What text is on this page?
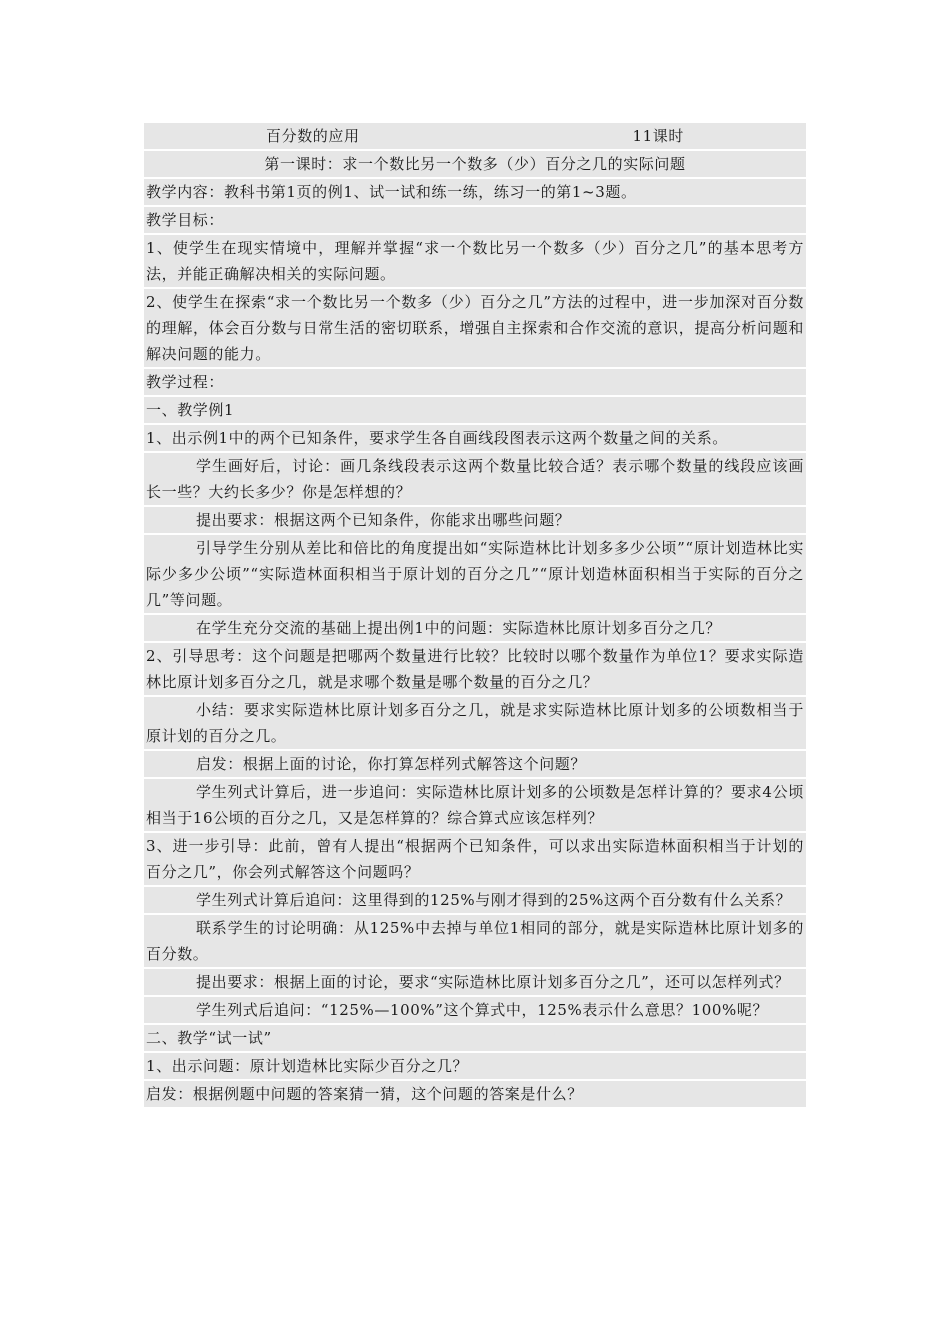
百分数的应用	11课时
第一课时：求一个数比另一个数多（少）百分之几的实际问题
教学内容：教科书第1页的例1、试一试和练一练，练习一的第1~3题。
教学目标：
1、使学生在现实情境中，理解并掌握“求一个数比另一个数多（少）百分之几”的基本思考方法，并能正确解决相关的实际问题。
2、使学生在探索“求一个数比另一个数多（少）百分之几”方法的过程中，进一步加深对百分数的理解，体会百分数与日常生活的密切联系，增强自主探索和合作交流的意识，提高分析问题和解决问题的能力。
教学过程：
一、教学例1
1、出示例1中的两个已知条件，要求学生各自画线段图表示这两个数量之间的关系。
学生画好后，讨论：画几条线段表示这两个数量比较合适？表示哪个数量的线段应该画长一些？大约长多少？你是怎样想的？
提出要求：根据这两个已知条件，你能求出哪些问题？
引导学生分别从差比和倍比的角度提出如“实际造林比计划多多少公顷”“原计划造林比实际少多少公顷”“实际造林面积相当于原计划的百分之几”“原计划造林面积相当于实际的百分之几”等问题。
在学生充分交流的基础上提出例1中的问题：实际造林比原计划多百分之几？
2、引导思考：这个问题是把哪两个数量进行比较？比较时以哪个数量作为单位1？要求实际造林比原计划多百分之几，就是求哪个数量是哪个数量的百分之几？
小结：要求实际造林比原计划多百分之几，就是求实际造林比原计划多的公顷数相当于原计划的百分之几。
启发：根据上面的讨论，你打算怎样列式解答这个问题？
学生列式计算后，进一步追问：实际造林比原计划多的公顷数是怎样计算的？要求4公顷相当于16公顷的百分之几，又是怎样算的？综合算式应该怎样列？
3、进一步引导：此前，曾有人提出“根据两个已知条件，可以求出实际造林面积相当于计划的百分之几”，你会列式解答这个问题吗？
学生列式计算后追问：这里得到的125%与刚才得到的25%这两个百分数有什么关系？
联系学生的讨论明确：从125%中去掉与单位1相同的部分，就是实际造林比原计划多的百分数。
提出要求：根据上面的讨论，要求“实际造林比原计划多百分之几”，还可以怎样列式？
学生列式后追问：“125%—100%”这个算式中，125%表示什么意思？100%呢？
二、教学“试一试”
1、出示问题：原计划造林比实际少百分之几？
启发：根据例题中问题的答案猜一猜，这个问题的答案是什么？
